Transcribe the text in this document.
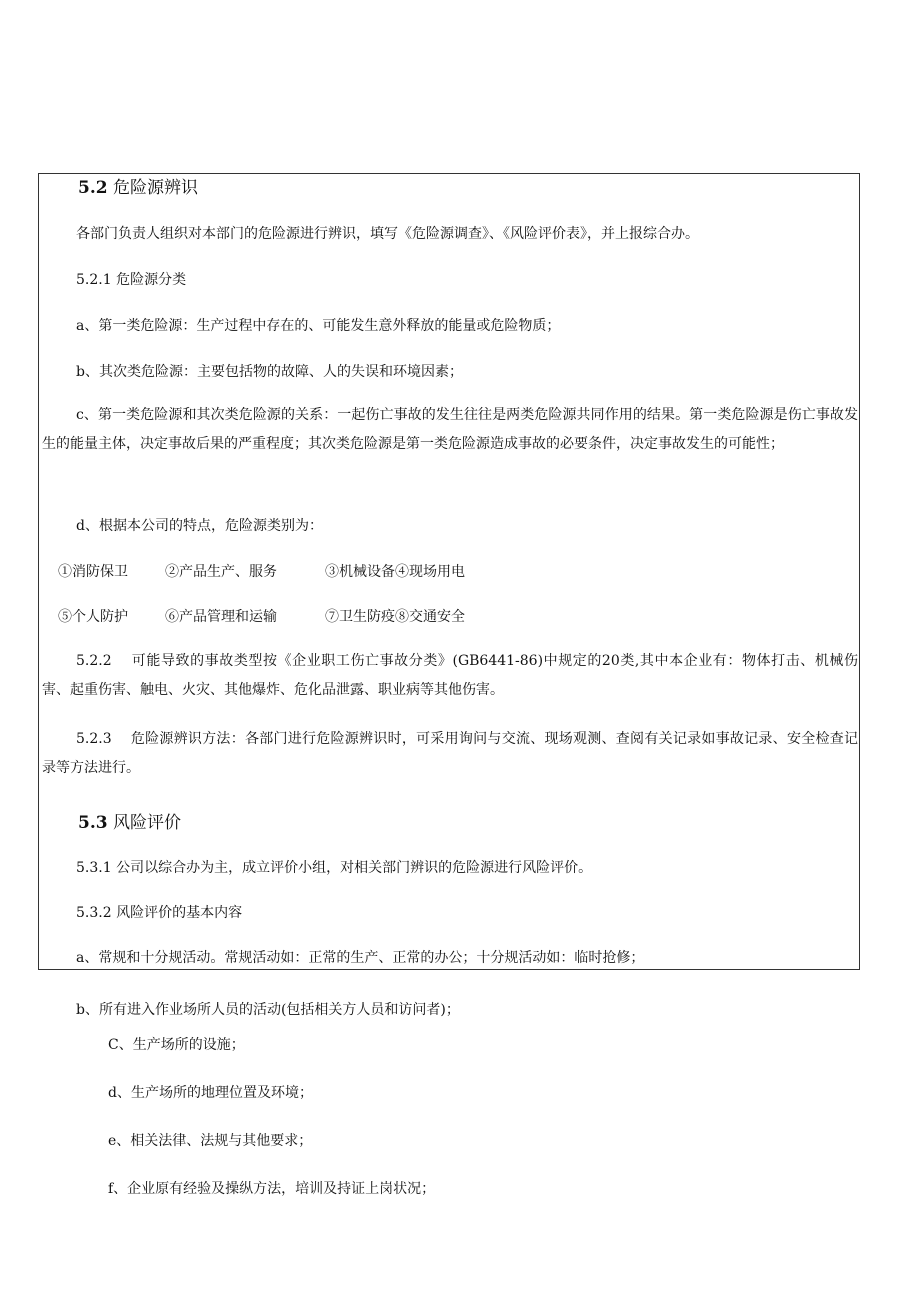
5.2 危险源辨识
各部门负责人组织对本部门的危险源进行辨识，填写《危险源调查》、《风险评价表》，并上报综合办。
5.2.1 危险源分类
a、第一类危险源：生产过程中存在的、可能发生意外释放的能量或危险物质；
b、其次类危险源：主要包括物的故障、人的失误和环境因素；
c、第一类危险源和其次类危险源的关系：一起伤亡事故的发生往往是两类危险源共同作用的结果。第一类危险源是伤亡事故发生的能量主体，决定事故后果的严重程度；其次类危险源是第一类危险源造成事故的必要条件，决定事故发生的可能性；
d、根据本公司的特点，危险源类别为：
①消防保卫	②产品生产、服务	③机械设备④现场用电
⑤个人防护	⑥产品管理和运输	⑦卫生防疫⑧交通安全
5.2.2　 可能导致的事故类型按《企业职工伤亡事故分类》(GB6441-86)中规定的20类,其中本企业有：物体打击、机械伤害、起重伤害、触电、火灾、其他爆炸、危化品泄露、职业病等其他伤害。
5.2.3　 危险源辨识方法：各部门进行危险源辨识时，可采用询问与交流、现场观测、查阅有关记录如事故记录、安全检查记录等方法进行。
5.3 风险评价
5.3.1 公司以综合办为主，成立评价小组，对相关部门辨识的危险源进行风险评价。
5.3.2 风险评价的基本内容
a、常规和十分规活动。常规活动如：正常的生产、正常的办公；十分规活动如：临时抢修；
b、所有进入作业场所人员的活动(包括相关方人员和访问者)；
C、生产场所的设施；
d、生产场所的地理位置及环境；
e、相关法律、法规与其他要求；
f、企业原有经验及操纵方法，培训及持证上岗状况；
